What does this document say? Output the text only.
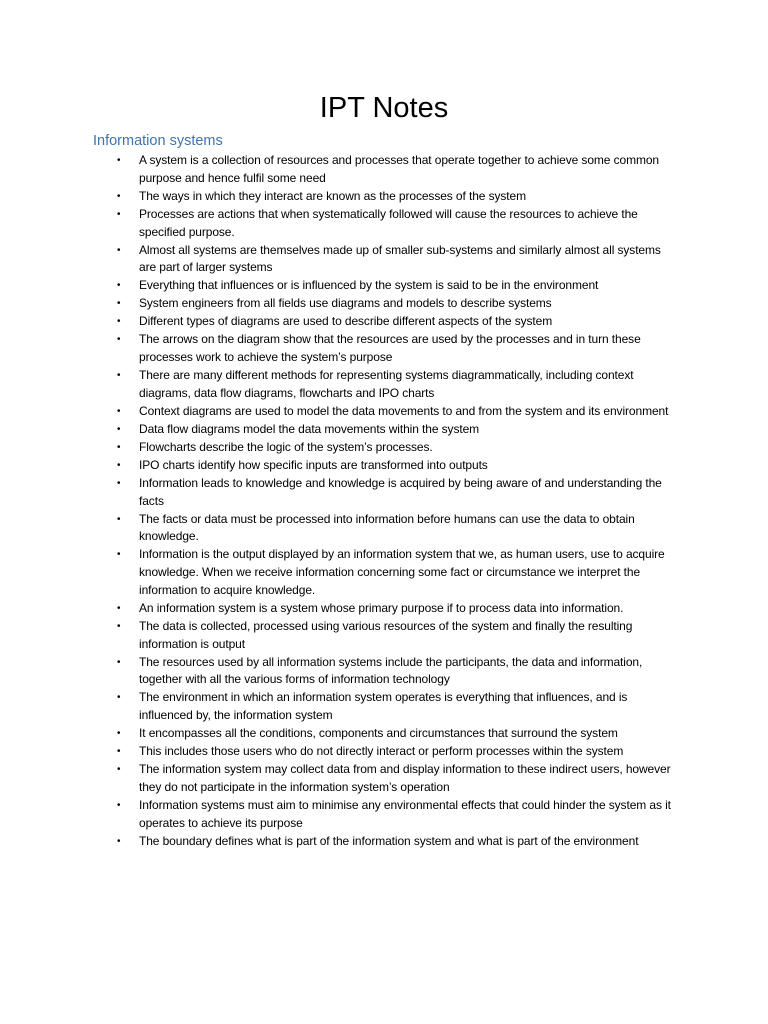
IPT Notes
Information systems
• A system is a collection of resources and processes that operate together to achieve some common purpose and hence fulfil some need
• The ways in which they interact are known as the processes of the system
• Processes are actions that when systematically followed will cause the resources to achieve the specified purpose.
• Almost all systems are themselves made up of smaller sub-systems and similarly almost all systems are part of larger systems
• Everything that influences or is influenced by the system is said to be in the environment
• System engineers from all fields use diagrams and models to describe systems
• Different types of diagrams are used to describe different aspects of the system
• The arrows on the diagram show that the resources are used by the processes and in turn these processes work to achieve the system’s purpose
• There are many different methods for representing systems diagrammatically, including context diagrams, data flow diagrams, flowcharts and IPO charts
• Context diagrams are used to model the data movements to and from the system and its environment
• Data flow diagrams model the data movements within the system
• Flowcharts describe the logic of the system’s processes.
• IPO charts identify how specific inputs are transformed into outputs
• Information leads to knowledge and knowledge is acquired by being aware of and understanding the facts
• The facts or data must be processed into information before humans can use the data to obtain knowledge.
• Information is the output displayed by an information system that we, as human users, use to acquire knowledge. When we receive information concerning some fact or circumstance we interpret the information to acquire knowledge.
• An information system is a system whose primary purpose if to process data into information.
• The data is collected, processed using various resources of the system and finally the resulting information is output
• The resources used by all information systems include the participants, the data and information, together with all the various forms of information technology
• The environment in which an information system operates is everything that influences, and is influenced by, the information system
• It encompasses all the conditions, components and circumstances that surround the system
• This includes those users who do not directly interact or perform processes within the system
• The information system may collect data from and display information to these indirect users, however they do not participate in the information system’s operation
• Information systems must aim to minimise any environmental effects that could hinder the system as it operates to achieve its purpose
• The boundary defines what is part of the information system and what is part of the environment
